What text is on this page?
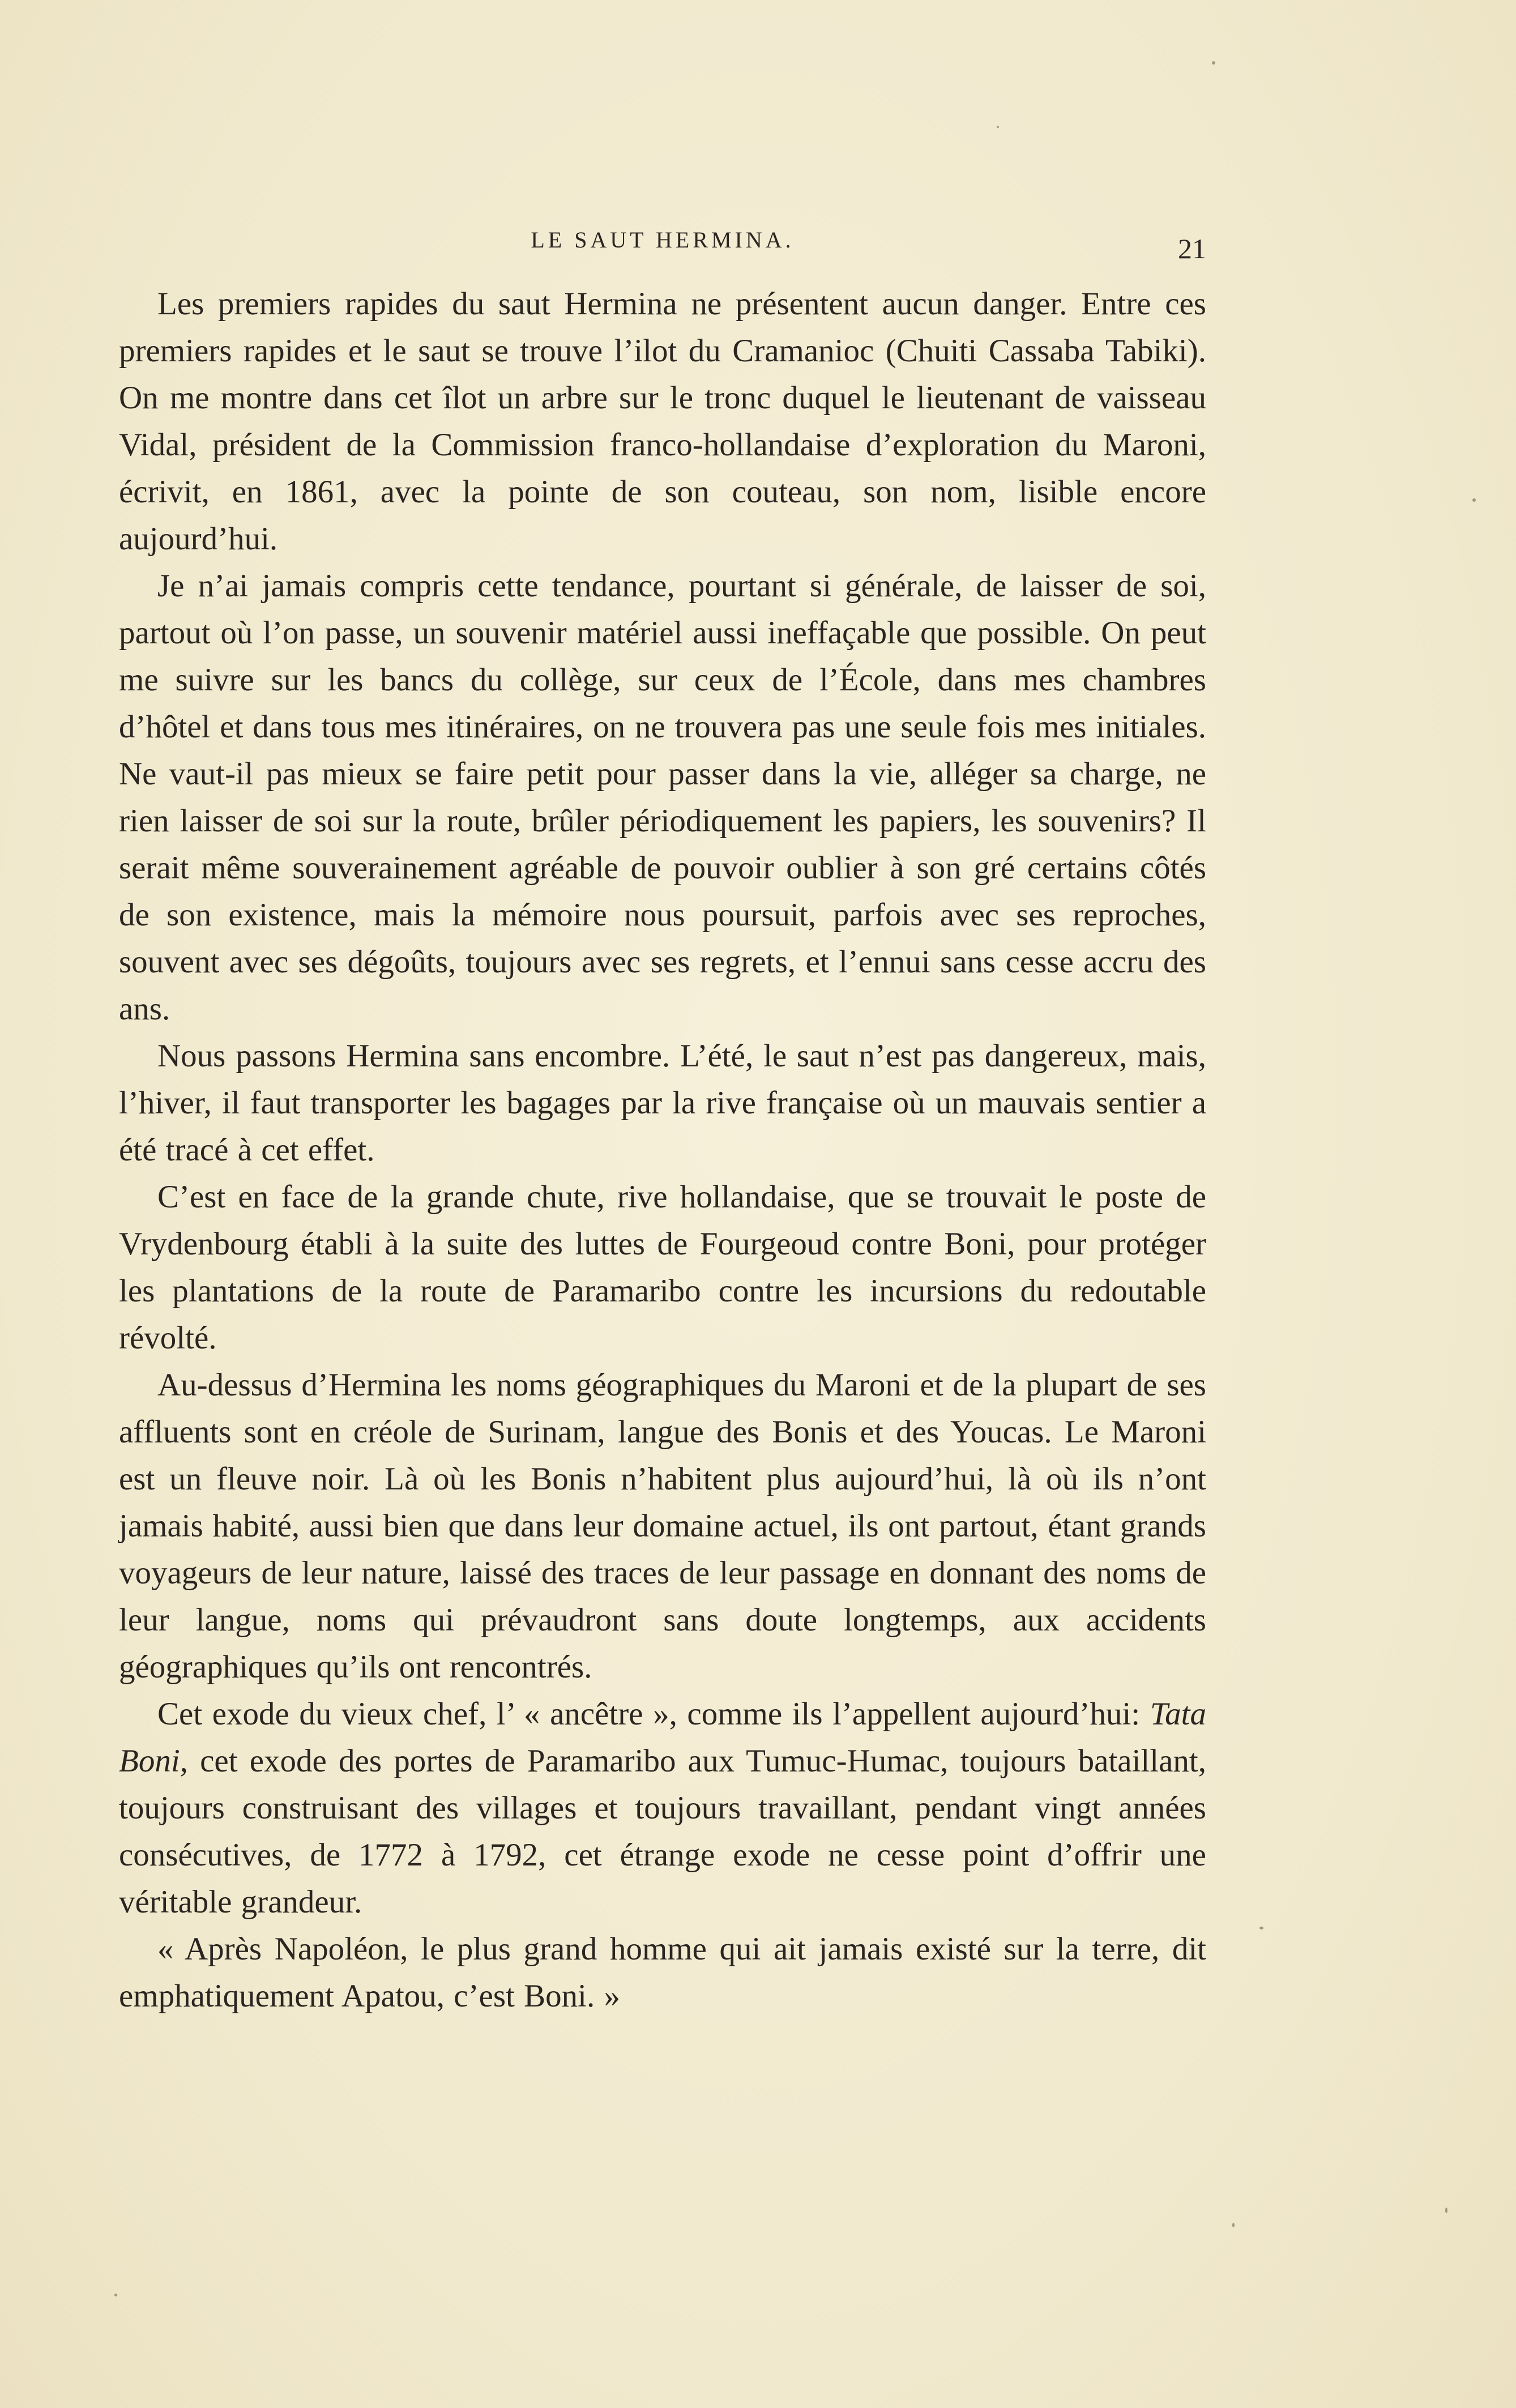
LE SAUT HERMINA.	21

Les premiers rapides du saut Hermina ne présentent aucun danger. Entre ces premiers rapides et le saut se trouve l’ilot du Cramanioc (Chuiti Cassaba Tabiki). On me montre dans cet îlot un arbre sur le tronc duquel le lieutenant de vaisseau Vidal, président de la Commission franco-hollandaise d’exploration du Maroni, écrivit, en 1861, avec la pointe de son couteau, son nom, lisible encore aujourd’hui.

Je n’ai jamais compris cette tendance, pourtant si générale, de laisser de soi, partout où l’on passe, un souvenir matériel aussi ineffaçable que possible. On peut me suivre sur les bancs du collège, sur ceux de l’École, dans mes chambres d’hôtel et dans tous mes itinéraires, on ne trouvera pas une seule fois mes initiales. Ne vaut-il pas mieux se faire petit pour passer dans la vie, alléger sa charge, ne rien laisser de soi sur la route, brûler périodiquement les papiers, les souvenirs? Il serait même souverainement agréable de pouvoir oublier à son gré certains côtés de son existence, mais la mémoire nous poursuit, parfois avec ses reproches, souvent avec ses dégoûts, toujours avec ses regrets, et l’ennui sans cesse accru des ans.

Nous passons Hermina sans encombre. L’été, le saut n’est pas dangereux, mais, l’hiver, il faut transporter les bagages par la rive française où un mauvais sentier a été tracé à cet effet.

C’est en face de la grande chute, rive hollandaise, que se trouvait le poste de Vrydenbourg établi à la suite des luttes de Fourgeoud contre Boni, pour protéger les plantations de la route de Paramaribo contre les incursions du redoutable révolté.

Au-dessus d’Hermina les noms géographiques du Maroni et de la plupart de ses affluents sont en créole de Surinam, langue des Bonis et des Youcas. Le Maroni est un fleuve noir. Là où les Bonis n’habitent plus aujourd’hui, là où ils n’ont jamais habité, aussi bien que dans leur domaine actuel, ils ont partout, étant grands voyageurs de leur nature, laissé des traces de leur passage en donnant des noms de leur langue, noms qui prévaudront sans doute longtemps, aux accidents géographiques qu’ils ont rencontrés.

Cet exode du vieux chef, l’ « ancêtre », comme ils l’appellent aujourd’hui: Tata Boni, cet exode des portes de Paramaribo aux Tumuc-Humac, toujours bataillant, toujours construisant des villages et toujours travaillant, pendant vingt années consécutives, de 1772 à 1792, cet étrange exode ne cesse point d’offrir une véritable grandeur.

« Après Napoléon, le plus grand homme qui ait jamais existé sur la terre, dit emphatiquement Apatou, c’est Boni. »
